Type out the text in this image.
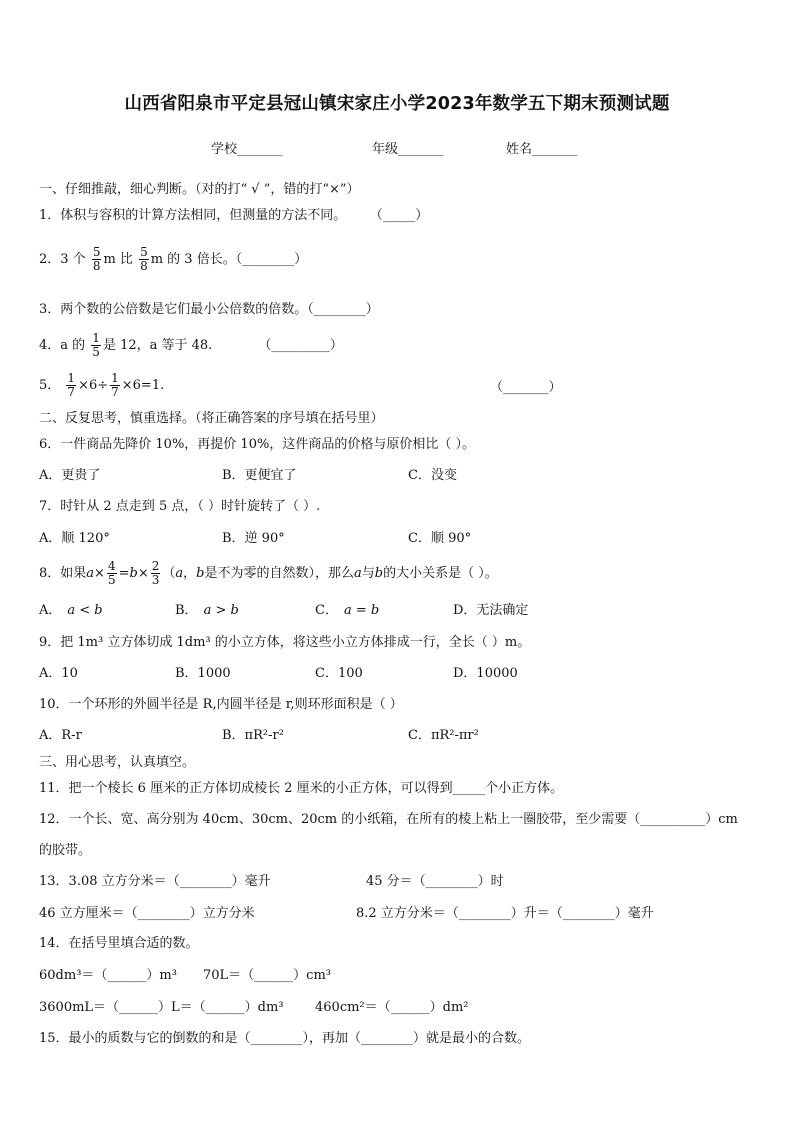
山西省阳泉市平定县冠山镇宋家庄小学2023年数学五下期末预测试题
学校_______	年级_______	姓名_______
一、仔细推敲，细心判断。（对的打“ √ ”，错的打“×”）
1．体积与容积的计算方法相同，但测量的方法不同。 （_____）
2．3 个 $\frac{5}{8}$ m 比 $\frac{5}{8}$ m 的 3 倍长。（________）
3．两个数的公倍数是它们最小公倍数的倍数。（________）
4．a 的 $\frac{1}{5}$ 是 12，a 等于 48.	（_________）
5． $\frac{1}{7} \times 6\div \frac{1}{7} \times 6=1$.	（_______）
二、反复思考，慎重选择。（将正确答案的序号填在括号里）
6．一件商品先降价 10%，再提价 10%，这件商品的价格与原价相比（ ）。
A．更贵了	B．更便宜了	C．没变
7．时针从 2 点走到 5 点，（ ）时针旋转了（ ）.
A．顺 120°	B．逆 90°	C．顺 90°
8．如果$a\times \frac{4}{5} =b\times \frac{2}{3} (a$，b是不为零的自然数），那么a与b的大小关系是（ ）。
A． a < b	B． a > b	C． a = b	D．无法确定
9．把 1m³ 立方体切成 1dm³ 的小立方体，将这些小立方体排成一行，全长（ ）m。
A．10	B．1000	C．100	D．10000
10．一个环形的外圆半径是 R,内圆半径是 r,则环形面积是（ ）
A．R-r	B．πR²-r²	C．πR²-πr²
三、用心思考，认真填空。
11．把一个棱长 6 厘米的正方体切成棱长 2 厘米的小正方体，可以得到_____个小正方体。
12．一个长、宽、高分别为 40cm、30cm、20cm 的小纸箱，在所有的棱上粘上一圈胶带，至少需要（__________）cm
的胶带。
13．3.08 立方分米＝（________）毫升	45 分＝（________）时
46 立方厘米＝（________）立方分米	8.2 立方分米＝（________）升＝（________）毫升
14．在括号里填合适的数。
60dm³＝（______）m³ 70L＝（______）cm³
3600mL＝（______）L＝（______）dm³ 460cm²＝（______）dm²
15．最小的质数与它的倒数的和是（________），再加（________）就是最小的合数。
